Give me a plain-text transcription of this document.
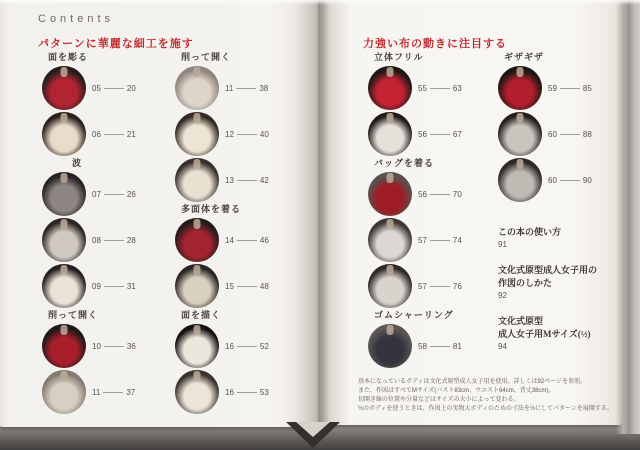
Contents
パターンに華麗な細工を施す
面を彫る
05	20
06	21
波
07	26
08	28
09	31
削って開く
10	36
11	37
削って開く
11	38
12	40
13	42
多面体を着る
14	46
15	48
面を描く
16	52
16	53
力強い布の動きに注目する
立体フリル
55	63
56	67
バッグを着る
56	70
57	74
57	76
ゴムシャーリング
58	81
ギザギザ
59	85
60	88
60	90
この本の使い方
91
文化式原型成人女子用の
作図のしかた
92
文化式原型
成人女子用Mサイズ(½)
94
基本になっているボディは文化式原型成人女子用を使用。詳しくは92ページを参照。
また、作図はすべてMサイズ(バスト83cm、ウエスト64cm、背丈38cm)。
切開き線の位置や分量などはサイズの大小によって変わる。
½のボディを使うときは、作図上の実物大ボディのための寸法を½にしてパターンを展開する。
